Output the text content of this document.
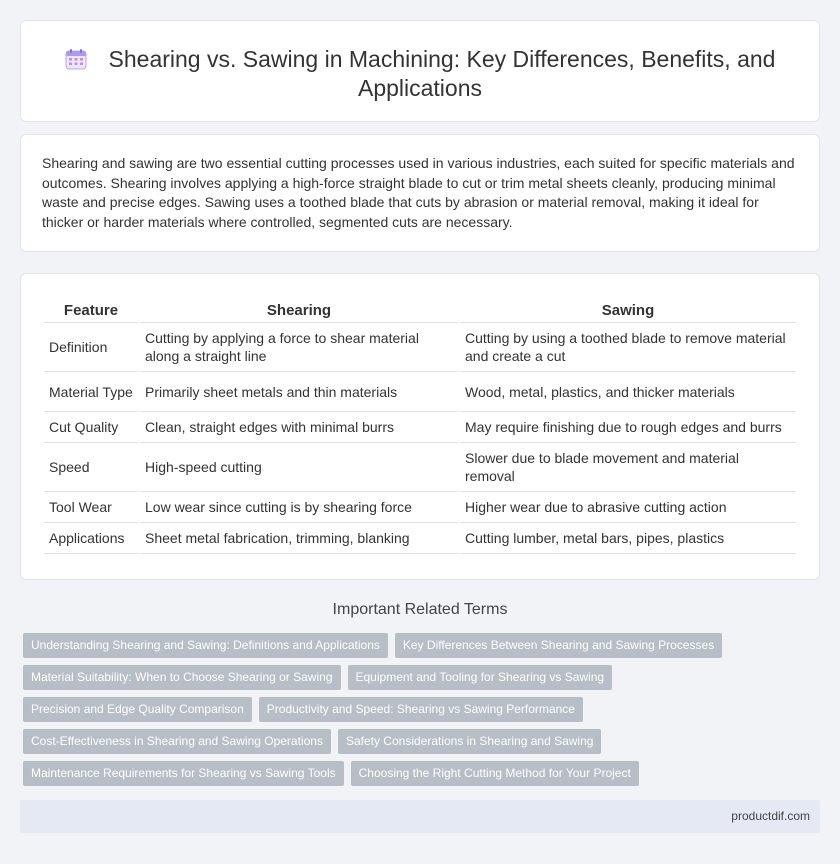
Shearing vs. Sawing in Machining: Key Differences, Benefits, and Applications

Shearing and sawing are two essential cutting processes used in various industries, each suited for specific materials and outcomes. Shearing involves applying a high-force straight blade to cut or trim metal sheets cleanly, producing minimal waste and precise edges. Sawing uses a toothed blade that cuts by abrasion or material removal, making it ideal for thicker or harder materials where controlled, segmented cuts are necessary.

Feature	Shearing	Sawing
Definition	Cutting by applying a force to shear material along a straight line	Cutting by using a toothed blade to remove material and create a cut
Material Type	Primarily sheet metals and thin materials	Wood, metal, plastics, and thicker materials
Cut Quality	Clean, straight edges with minimal burrs	May require finishing due to rough edges and burrs
Speed	High-speed cutting	Slower due to blade movement and material removal
Tool Wear	Low wear since cutting is by shearing force	Higher wear due to abrasive cutting action
Applications	Sheet metal fabrication, trimming, blanking	Cutting lumber, metal bars, pipes, plastics
Important Related Terms
Understanding Shearing and Sawing: Definitions and Applications	Key Differences Between Shearing and Sawing Processes
Material Suitability: When to Choose Shearing or Sawing	Equipment and Tooling for Shearing vs Sawing
Precision and Edge Quality Comparison	Productivity and Speed: Shearing vs Sawing Performance
Cost-Effectiveness in Shearing and Sawing Operations	Safety Considerations in Shearing and Sawing
Maintenance Requirements for Shearing vs Sawing Tools	Choosing the Right Cutting Method for Your Project
productdif.com
